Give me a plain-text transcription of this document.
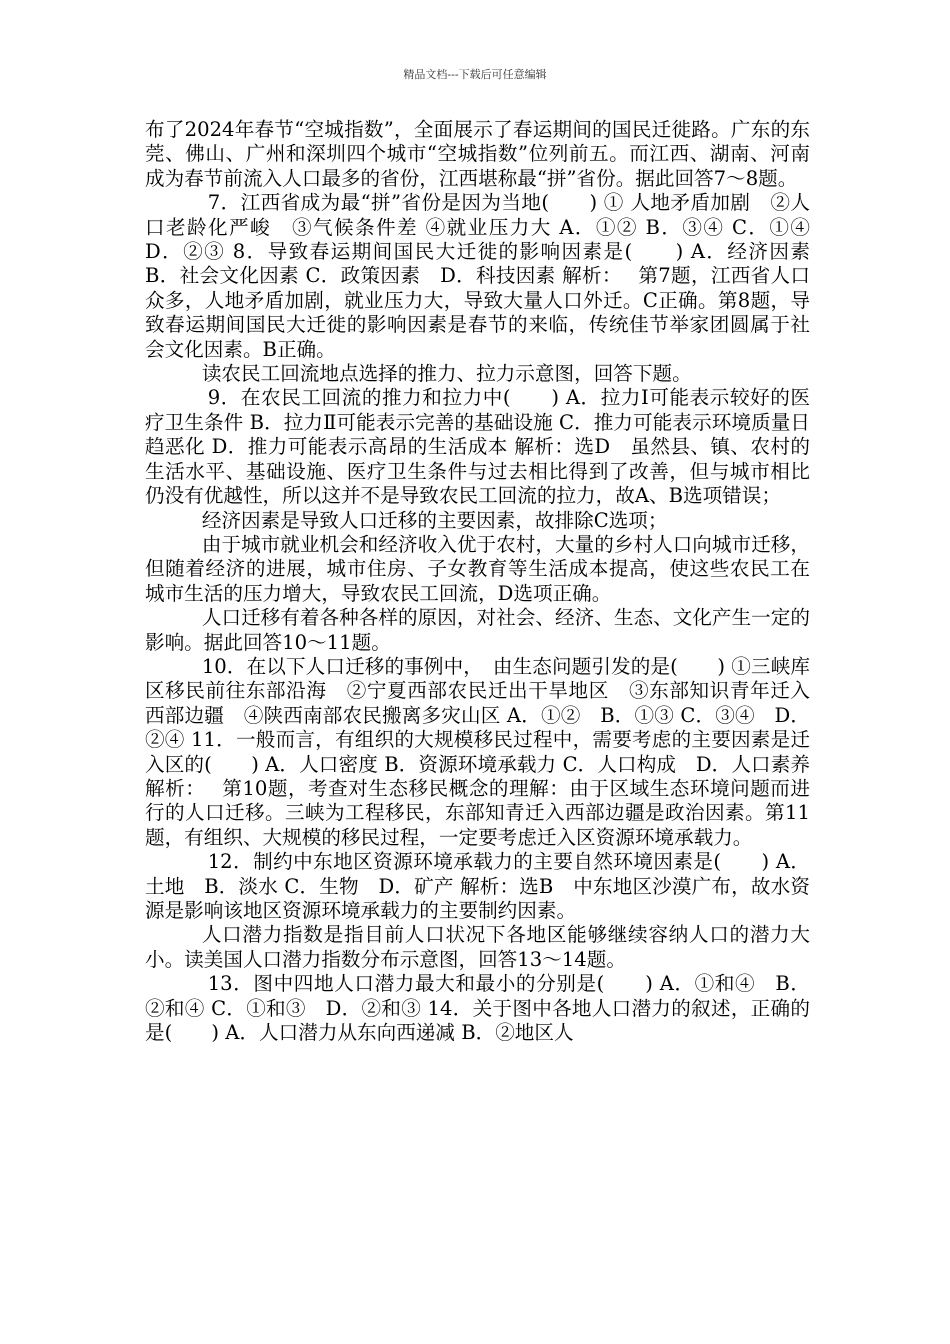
精品文档---下载后可任意编辑

布了2024年春节“空城指数”，全面展示了春运期间的国民迁徙路。广东的东莞、佛山、广州和深圳四个城市“空城指数”位列前五。而江西、湖南、河南成为春节前流入人口最多的省份，江西堪称最“拼”省份。据此回答7～8题。

7．江西省成为最“拼”省份是因为当地(　　) ① 人地矛盾加剧　②人口老龄化严峻　③气候条件差 ④就业压力大 A．①② B．③④ C．①④　D．②③ 8．导致春运期间国民大迁徙的影响因素是(　　) A．经济因素　B．社会文化因素 C．政策因素　D．科技因素 解析：　 第7题，江西省人口众多，人地矛盾加剧，就业压力大，导致大量人口外迁。C正确。第8题，导致春运期间国民大迁徙的影响因素是春节的来临，传统佳节举家团圆属于社会文化因素。B正确。

读农民工回流地点选择的推力、拉力示意图，回答下题。

9．在农民工回流的推力和拉力中(　　) A．拉力Ⅰ可能表示较好的医疗卫生条件 B．拉力Ⅱ可能表示完善的基础设施 C．推力可能表示环境质量日趋恶化 D．推力可能表示高昂的生活成本 解析：选D　虽然县、镇、农村的生活水平、基础设施、医疗卫生条件与过去相比得到了改善，但与城市相比仍没有优越性，所以这并不是导致农民工回流的拉力，故A、B选项错误；

经济因素是导致人口迁移的主要因素，故排除C选项；

由于城市就业机会和经济收入优于农村，大量的乡村人口向城市迁移，但随着经济的进展，城市住房、子女教育等生活成本提高，使这些农民工在城市生活的压力增大，导致农民工回流，D选项正确。

人口迁移有着各种各样的原因，对社会、经济、生态、文化产生一定的影响。据此回答10～11题。

10．在以下人口迁移的事例中，　由生态问题引发的是(　　) ①三峡库区移民前往东部沿海　②宁夏西部农民迁出干旱地区　③东部知识青年迁入西部边疆　④陕西南部农民搬离多灾山区 A．①②　B．①③ C．③④　D．②④ 11．一般而言，有组织的大规模移民过程中，需要考虑的主要因素是迁入区的(　　) A．人口密度 B．资源环境承载力 C．人口构成　D．人口素养 解析：　 第10题，考查对生态移民概念的理解：由于区域生态环境问题而进行的人口迁移。三峡为工程移民，东部知青迁入西部边疆是政治因素。第11题，有组织、大规模的移民过程，一定要考虑迁入区资源环境承载力。

12．制约中东地区资源环境承载力的主要自然环境因素是(　　) A．土地　B．淡水 C．生物　D．矿产 解析：选B　中东地区沙漠广布，故水资源是影响该地区资源环境承载力的主要制约因素。

人口潜力指数是指目前人口状况下各地区能够继续容纳人口的潜力大小。读美国人口潜力指数分布示意图，回答13～14题。

13．图中四地人口潜力最大和最小的分别是(　　) A．①和④　B．②和④ C．①和③　D．②和③ 14．关于图中各地人口潜力的叙述，正确的是(　　) A．人口潜力从东向西递减 B．②地区人
